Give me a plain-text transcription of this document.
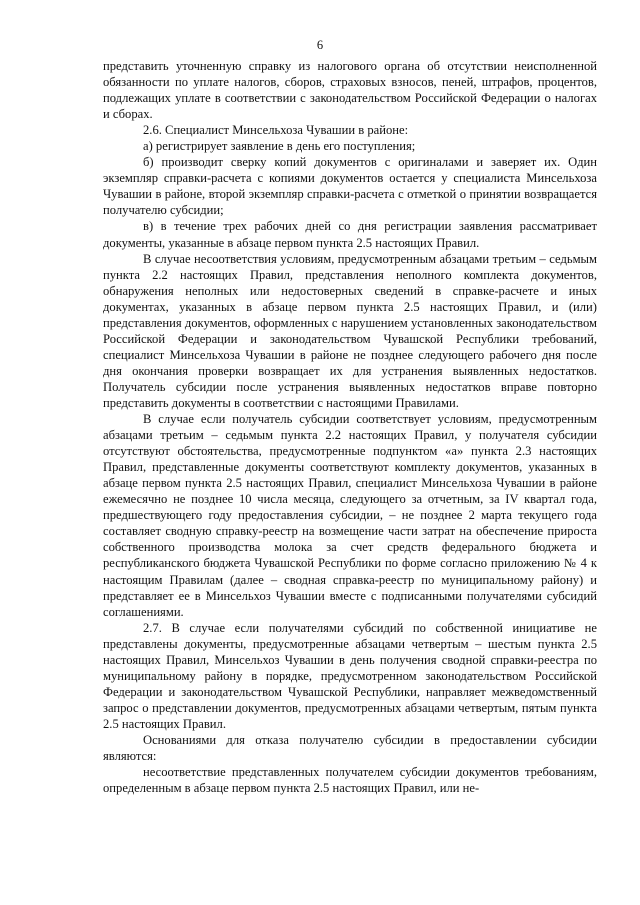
6

представить уточненную справку из налогового органа об отсутствии неисполненной обязанности по уплате налогов, сборов, страховых взносов, пеней, штрафов, процентов, подлежащих уплате в соответствии с законодательством Российской Федерации о налогах и сборах.

2.6. Специалист Минсельхоза Чувашии в районе:

а) регистрирует заявление в день его поступления;

б) производит сверку копий документов с оригиналами и заверяет их. Один экземпляр справки-расчета с копиями документов остается у специалиста Минсельхоза Чувашии в районе, второй экземпляр справки-расчета с отметкой о принятии возвращается получателю субсидии;

в) в течение трех рабочих дней со дня регистрации заявления рассматривает документы, указанные в абзаце первом пункта 2.5 настоящих Правил.

В случае несоответствия условиям, предусмотренным абзацами третьим – седьмым пункта 2.2 настоящих Правил, представления неполного комплекта документов, обнаружения неполных или недостоверных сведений в справке-расчете и иных документах, указанных в абзаце первом пункта 2.5 настоящих Правил, и (или) представления документов, оформленных с нарушением установленных законодательством Российской Федерации и законодательством Чувашской Республики требований, специалист Минсельхоза Чувашии в районе не позднее следующего рабочего дня после дня окончания проверки возвращает их для устранения выявленных недостатков. Получатель субсидии после устранения выявленных недостатков вправе повторно представить документы в соответствии с настоящими Правилами.

В случае если получатель субсидии соответствует условиям, предусмотренным абзацами третьим – седьмым пункта 2.2 настоящих Правил, у получателя субсидии отсутствуют обстоятельства, предусмотренные подпунктом «а» пункта 2.3 настоящих Правил, представленные документы соответствуют комплекту документов, указанных в абзаце первом пункта 2.5 настоящих Правил, специалист Минсельхоза Чувашии в районе ежемесячно не позднее 10 числа месяца, следующего за отчетным, за IV квартал года, предшествующего году предоставления субсидии, – не позднее 2 марта текущего года составляет сводную справку-реестр на возмещение части затрат на обеспечение прироста собственного производства молока за счет средств федерального бюджета и республиканского бюджета Чувашской Республики по форме согласно приложению № 4 к настоящим Правилам (далее – сводная справка-реестр по муниципальному району) и представляет ее в Минсельхоз Чувашии вместе с подписанными получателями субсидий соглашениями.

2.7. В случае если получателями субсидий по собственной инициативе не представлены документы, предусмотренные абзацами четвертым – шестым пункта 2.5 настоящих Правил, Минсельхоз Чувашии в день получения сводной справки-реестра по муниципальному району в порядке, предусмотренном законодательством Российской Федерации и законодательством Чувашской Республики, направляет межведомственный запрос о представлении документов, предусмотренных абзацами четвертым, пятым пункта 2.5 настоящих Правил.

Основаниями для отказа получателю субсидии в предоставлении субсидии являются:

несоответствие представленных получателем субсидии документов требованиям, определенным в абзаце первом пункта 2.5 настоящих Правил, или не-
